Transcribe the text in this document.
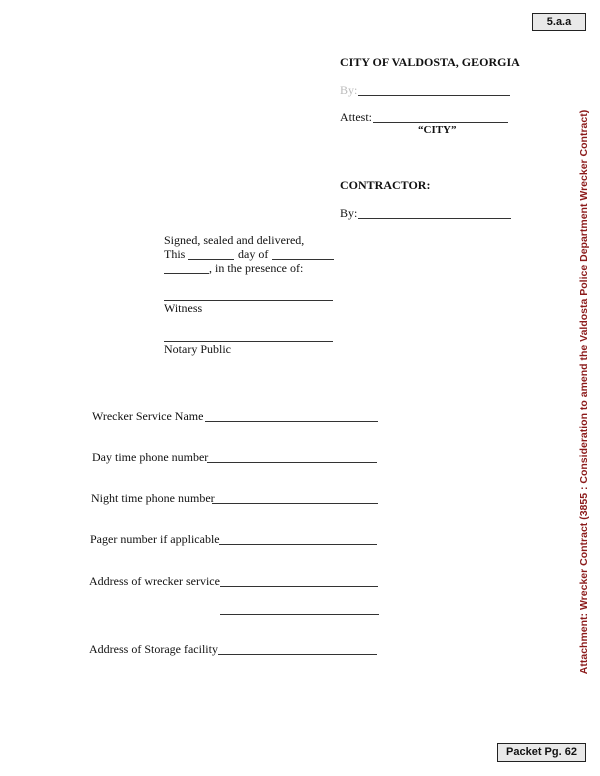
5.a.a
CITY OF VALDOSTA, GEORGIA
By:
Attest:
“CITY”
CONTRACTOR:
By:
Signed, sealed and delivered,
This	day of
, in the presence of:
Witness
Notary Public
Wrecker Service Name
Day time phone number
Night time phone number
Pager number if applicable
Address of wrecker service
Address of Storage facility	Attachment: Wrecker Contract (3855 : Consideration to amend the Valdosta Police Department Wrecker Contract)
Packet Pg. 62
